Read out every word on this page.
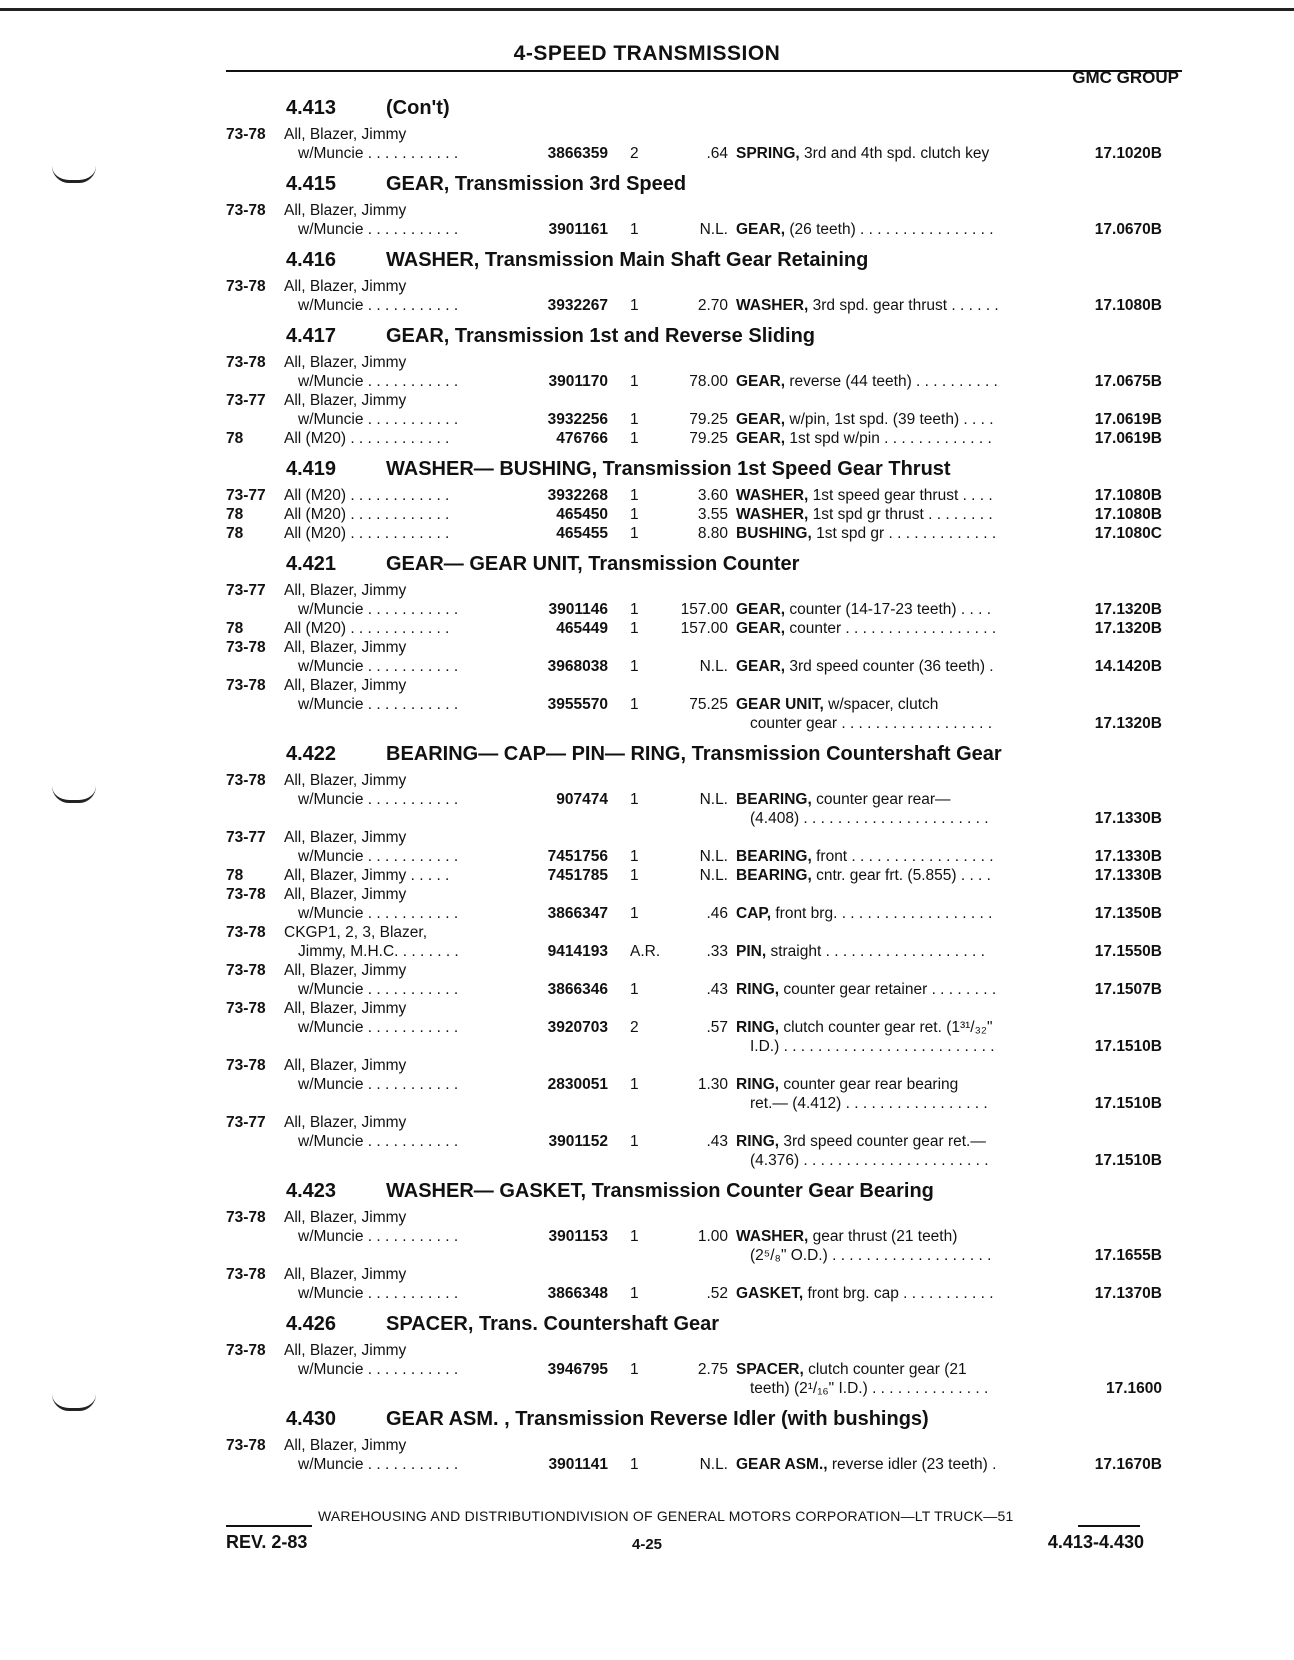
4-SPEED TRANSMISSION
GMC GROUP
4.413	(Con't)
73-78	All, Blazer, Jimmy
w/Muncie . . . . . . . . . . .	3866359	2	.64 SPRING, 3rd and 4th spd. clutch key	17.1020B
4.415	GEAR, Transmission 3rd Speed
73-78	All, Blazer, Jimmy
w/Muncie . . . . . . . . . . .	3901161	1	N.L. GEAR, (26 teeth) . . . . . . . . . . . . . . . .	17.0670B
4.416	WASHER, Transmission Main Shaft Gear Retaining
73-78	All, Blazer, Jimmy
w/Muncie . . . . . . . . . . .	3932267	1	2.70 WASHER, 3rd spd. gear thrust . . . . . .	17.1080B
4.417	GEAR, Transmission 1st and Reverse Sliding
73-78	All, Blazer, Jimmy
w/Muncie . . . . . . . . . . .	3901170	1	78.00 GEAR, reverse (44 teeth) . . . . . . . . . .	17.0675B
73-77	All, Blazer, Jimmy
w/Muncie . . . . . . . . . . .	3932256	1	79.25 GEAR, w/pin, 1st spd. (39 teeth) . . . .	17.0619B
78	All (M20) . . . . . . . . . . . .	476766	1	79.25 GEAR, 1st spd w/pin . . . . . . . . . . . . .	17.0619B
4.419	WASHER— BUSHING, Transmission 1st Speed Gear Thrust
73-77	All (M20) . . . . . . . . . . . .	3932268	1	3.60 WASHER, 1st speed gear thrust . . . .	17.1080B
78	All (M20) . . . . . . . . . . . .	465450	1	3.55 WASHER, 1st spd gr thrust . . . . . . . .	17.1080B
78	All (M20) . . . . . . . . . . . .	465455	1	8.80 BUSHING, 1st spd gr . . . . . . . . . . . . .	17.1080C
4.421	GEAR— GEAR UNIT, Transmission Counter
73-77	All, Blazer, Jimmy
w/Muncie . . . . . . . . . . .	3901146	1	157.00 GEAR, counter (14-17-23 teeth) . . . .	17.1320B
78	All (M20) . . . . . . . . . . . .	465449	1	157.00 GEAR, counter . . . . . . . . . . . . . . . . . .	17.1320B
73-78	All, Blazer, Jimmy
w/Muncie . . . . . . . . . . .	3968038	1	N.L. GEAR, 3rd speed counter (36 teeth) .	14.1420B
73-78	All, Blazer, Jimmy
w/Muncie . . . . . . . . . . .	3955570	1	75.25 GEAR UNIT, w/spacer, clutch
counter gear . . . . . . . . . . . . . . . . . .	17.1320B
4.422	BEARING— CAP— PIN— RING, Transmission Countershaft Gear
73-78	All, Blazer, Jimmy
w/Muncie . . . . . . . . . . .	907474	1	N.L. BEARING, counter gear rear—
(4.408) . . . . . . . . . . . . . . . . . . . . . .	17.1330B
73-77	All, Blazer, Jimmy
w/Muncie . . . . . . . . . . .	7451756	1	N.L. BEARING, front . . . . . . . . . . . . . . . . .	17.1330B
78	All, Blazer, Jimmy . . . . .	7451785	1	N.L. BEARING, cntr. gear frt. (5.855) . . . .	17.1330B
73-78	All, Blazer, Jimmy
w/Muncie . . . . . . . . . . .	3866347	1	.46 CAP, front brg. . . . . . . . . . . . . . . . . . .	17.1350B
73-78	CKGP1, 2, 3, Blazer,
Jimmy, M.H.C. . . . . . . .	9414193	A.R.	.33 PIN, straight . . . . . . . . . . . . . . . . . . .	17.1550B
73-78	All, Blazer, Jimmy
w/Muncie . . . . . . . . . . .	3866346	1	.43 RING, counter gear retainer . . . . . . . .	17.1507B
73-78	All, Blazer, Jimmy
w/Muncie . . . . . . . . . . .	3920703	2	.57 RING, clutch counter gear ret. (1³¹/₃₂"
I.D.) . . . . . . . . . . . . . . . . . . . . . . . . .	17.1510B
73-78	All, Blazer, Jimmy
w/Muncie . . . . . . . . . . .	2830051	1	1.30 RING, counter gear rear bearing
ret.— (4.412) . . . . . . . . . . . . . . . . .	17.1510B
73-77	All, Blazer, Jimmy
w/Muncie . . . . . . . . . . .	3901152	1	.43 RING, 3rd speed counter gear ret.—
(4.376) . . . . . . . . . . . . . . . . . . . . . .	17.1510B
4.423	WASHER— GASKET, Transmission Counter Gear Bearing
73-78	All, Blazer, Jimmy
w/Muncie . . . . . . . . . . .	3901153	1	1.00 WASHER, gear thrust (21 teeth)
(2⁵/₈" O.D.) . . . . . . . . . . . . . . . . . . .	17.1655B
73-78	All, Blazer, Jimmy
w/Muncie . . . . . . . . . . .	3866348	1	.52 GASKET, front brg. cap . . . . . . . . . . .	17.1370B
4.426	SPACER, Trans. Countershaft Gear
73-78	All, Blazer, Jimmy
w/Muncie . . . . . . . . . . .	3946795	1	2.75 SPACER, clutch counter gear (21
teeth) (2¹/₁₆" I.D.) . . . . . . . . . . . . . .	17.1600
4.430	GEAR ASM. , Transmission Reverse Idler (with bushings)
73-78	All, Blazer, Jimmy
w/Muncie . . . . . . . . . . .	3901141	1	N.L. GEAR ASM., reverse idler (23 teeth) .	17.1670B
WAREHOUSING AND DISTRIBUTIONDIVISION OF GENERAL MOTORS CORPORATION—LT TRUCK—51
REV. 2-83	4-25	4.413-4.430
